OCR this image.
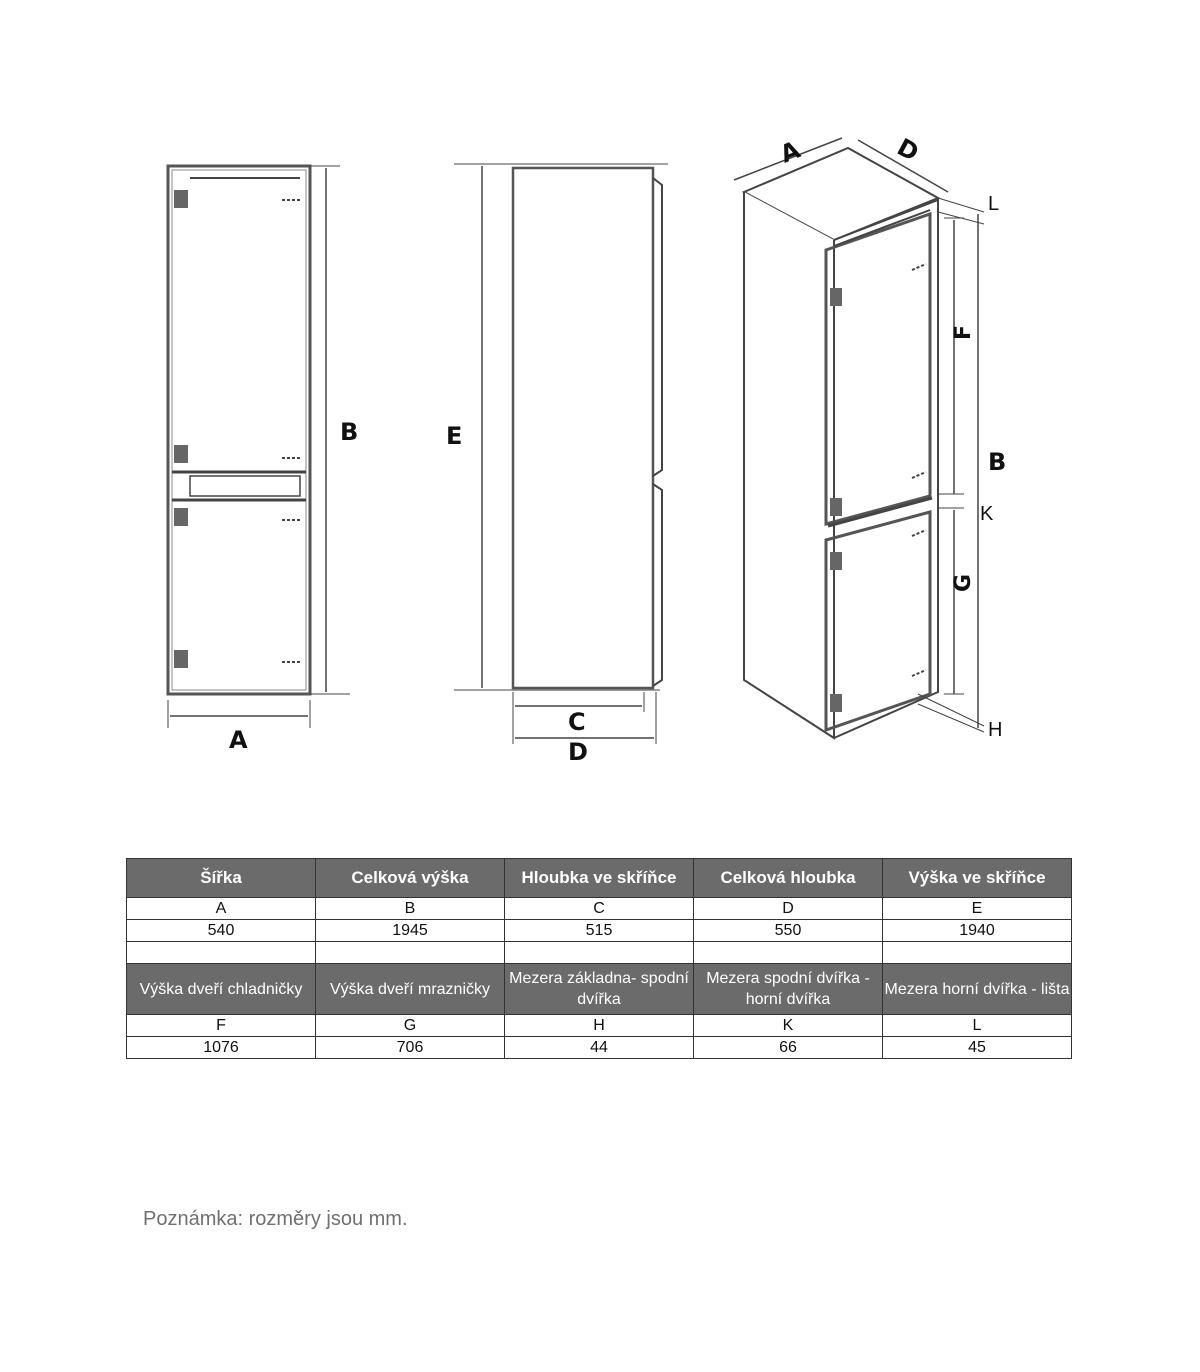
B
A
E
C
D
A	D
L
F
B
K
G
H
Šířka	Celková výška	Hloubka ve skříňce	Celková hloubka	Výška ve skříňce
A	B	C	D	E
540	1945	515	550	1940

Výška dveří chladničky	Výška dveří mrazničky	Mezera základna- spodní dvířka	Mezera spodní dvířka - horní dvířka	Mezera horní dvířka - lišta
F	G	H	K	L
1076	706	44	66	45
Poznámka: rozměry jsou mm.
